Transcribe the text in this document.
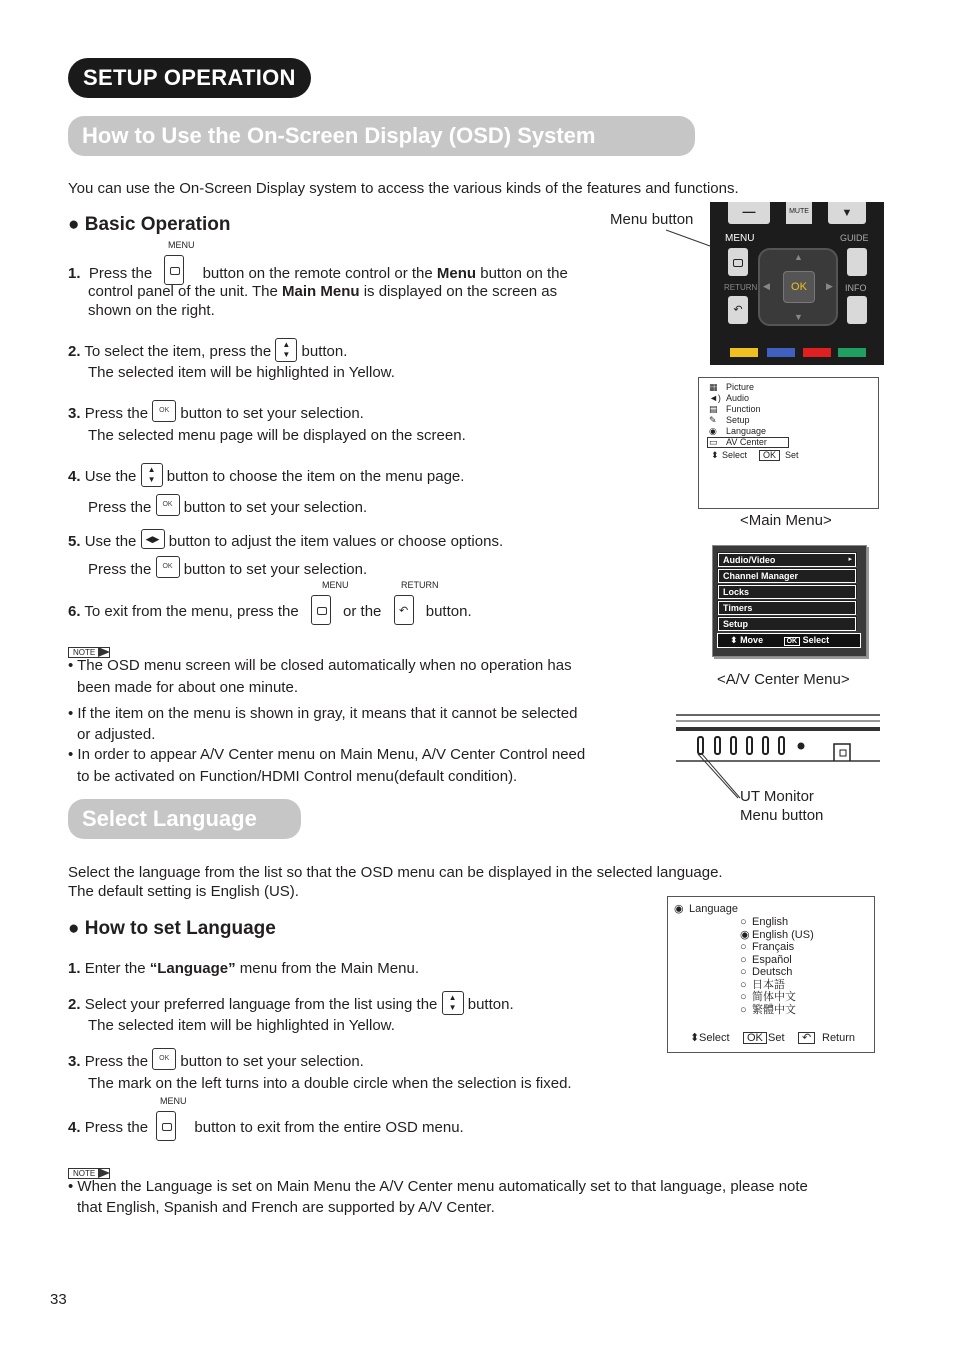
SETUP OPERATION
How to Use the On-Screen Display (OSD) System
You can use the On-Screen Display system to access the various kinds of the features and functions.
● Basic Operation
MENU
1. Press the	button on the remote control or the Menu button on the
control panel of the unit. The Main Menu is displayed on the screen as
shown on the right.
2. To select the item, press the ▲
▼ button.
The selected item will be highlighted in Yellow.
3. Press the OK button to set your selection.
The selected menu page will be displayed on the screen.
4. Use the ▲
▼ button to choose the item on the menu page.
Press the OK button to set your selection.
5. Use the ◀▶ button to adjust the item values or choose options.
Press the OK button to set your selection.
MENU	RETURN
6. To exit from the menu, press the	or the ↶ button.
NOTE
• The OSD menu screen will be closed automatically when no operation has
been made for about one minute.
• If the item on the menu is shown in gray, it means that it cannot be selected
or adjusted.
• In order to appear A/V Center menu on Main Menu, A/V Center Control need
to be activated on Function/HDMI Control menu(default condition).
Menu button	—	MUTE	▼
MENU	GUIDE
▲
▼
◀	▶
OK
RETURN	INFO
↶
▦ Picture
◄) Audio
▤ Function
✎ Setup
◉ Language
▭ AV Center
⬍ Select	OK Set
<Main Menu>
Audio/Video	▸
Channel Manager
Locks
Timers
Setup
⬍ Move	OK Select
<A/V Center Menu>
UT Monitor
Menu button
Select Language
Select the language from the list so that the OSD menu can be displayed in the selected language.
The default setting is English (US).
● How to set Language
1. Enter the “Language” menu from the Main Menu.
2. Select your preferred language from the list using the ▲
▼ button.
The selected item will be highlighted in Yellow.
3. Press the OK button to set your selection.
The mark on the left turns into a double circle when the selection is fixed.
MENU
4. Press the	button to exit from the entire OSD menu.
NOTE
• When the Language is set on Main Menu the A/V Center menu automatically set to that language, please note
that English, Spanish and French are supported by A/V Center.
◉ Language
○ English
◉ English (US)
○ Français
○ Español
○ Deutsch
○ 日本語
○ 简体中文
○ 繁體中文
⬍ Select	OK Set	↶ Return
33
